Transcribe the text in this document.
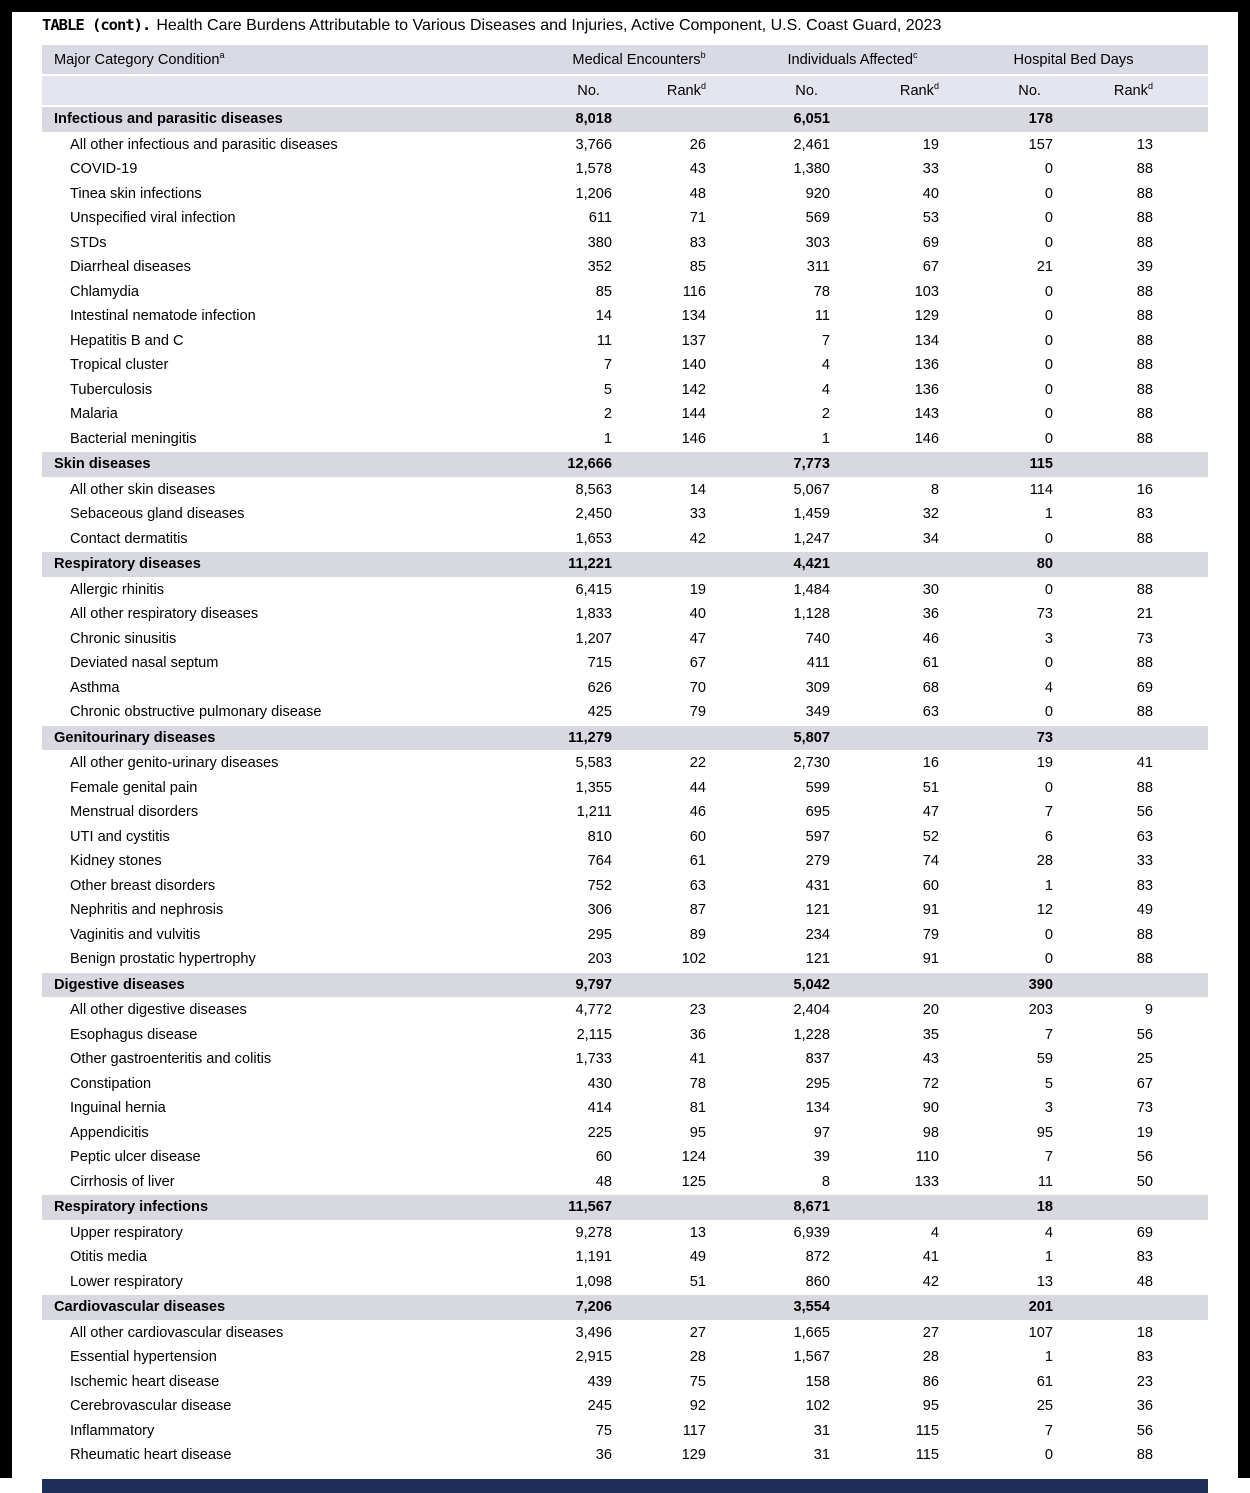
TABLE (cont). Health Care Burdens Attributable to Various Diseases and Injuries, Active Component, U.S. Coast Guard, 2023
Major Category Condition$^a$	Medical Encounters$^b$		Individuals Affected$^c$		Hospital Bed Days	
	No.	Rank$^d$	No.	Rank$^d$	No.	Rank$^d$
Infectious and parasitic diseases	8,018		6,051		178	
All other infectious and parasitic diseases	3,766	26	2,461	19	157	13
COVID-19	1,578	43	1,380	33	0	88
Tinea skin infections	1,206	48	920	40	0	88
Unspecified viral infection	611	71	569	53	0	88
STDs	380	83	303	69	0	88
Diarrheal diseases	352	85	311	67	21	39
Chlamydia	85	116	78	103	0	88
Intestinal nematode infection	14	134	11	129	0	88
Hepatitis B and C	11	137	7	134	0	88
Tropical cluster	7	140	4	136	0	88
Tuberculosis	5	142	4	136	0	88
Malaria	2	144	2	143	0	88
Bacterial meningitis	1	146	1	146	0	88
Skin diseases	12,666		7,773		115	
All other skin diseases	8,563	14	5,067	8	114	16
Sebaceous gland diseases	2,450	33	1,459	32	1	83
Contact dermatitis	1,653	42	1,247	34	0	88
Respiratory diseases	11,221		4,421		80	
Allergic rhinitis	6,415	19	1,484	30	0	88
All other respiratory diseases	1,833	40	1,128	36	73	21
Chronic sinusitis	1,207	47	740	46	3	73
Deviated nasal septum	715	67	411	61	0	88
Asthma	626	70	309	68	4	69
Chronic obstructive pulmonary disease	425	79	349	63	0	88
Genitourinary diseases	11,279		5,807		73	
All other genito-urinary diseases	5,583	22	2,730	16	19	41
Female genital pain	1,355	44	599	51	0	88
Menstrual disorders	1,211	46	695	47	7	56
UTI and cystitis	810	60	597	52	6	63
Kidney stones	764	61	279	74	28	33
Other breast disorders	752	63	431	60	1	83
Nephritis and nephrosis	306	87	121	91	12	49
Vaginitis and vulvitis	295	89	234	79	0	88
Benign prostatic hypertrophy	203	102	121	91	0	88
Digestive diseases	9,797		5,042		390	
All other digestive diseases	4,772	23	2,404	20	203	9
Esophagus disease	2,115	36	1,228	35	7	56
Other gastroenteritis and colitis	1,733	41	837	43	59	25
Constipation	430	78	295	72	5	67
Inguinal hernia	414	81	134	90	3	73
Appendicitis	225	95	97	98	95	19
Peptic ulcer disease	60	124	39	110	7	56
Cirrhosis of liver	48	125	8	133	11	50
Respiratory infections	11,567		8,671		18	
Upper respiratory	9,278	13	6,939	4	4	69
Otitis media	1,191	49	872	41	1	83
Lower respiratory	1,098	51	860	42	13	48
Cardiovascular diseases	7,206		3,554		201	
All other cardiovascular diseases	3,496	27	1,665	27	107	18
Essential hypertension	2,915	28	1,567	28	1	83
Ischemic heart disease	439	75	158	86	61	23
Cerebrovascular disease	245	92	102	95	25	36
Inflammatory	75	117	31	115	7	56
Rheumatic heart disease	36	129	31	115	0	88
